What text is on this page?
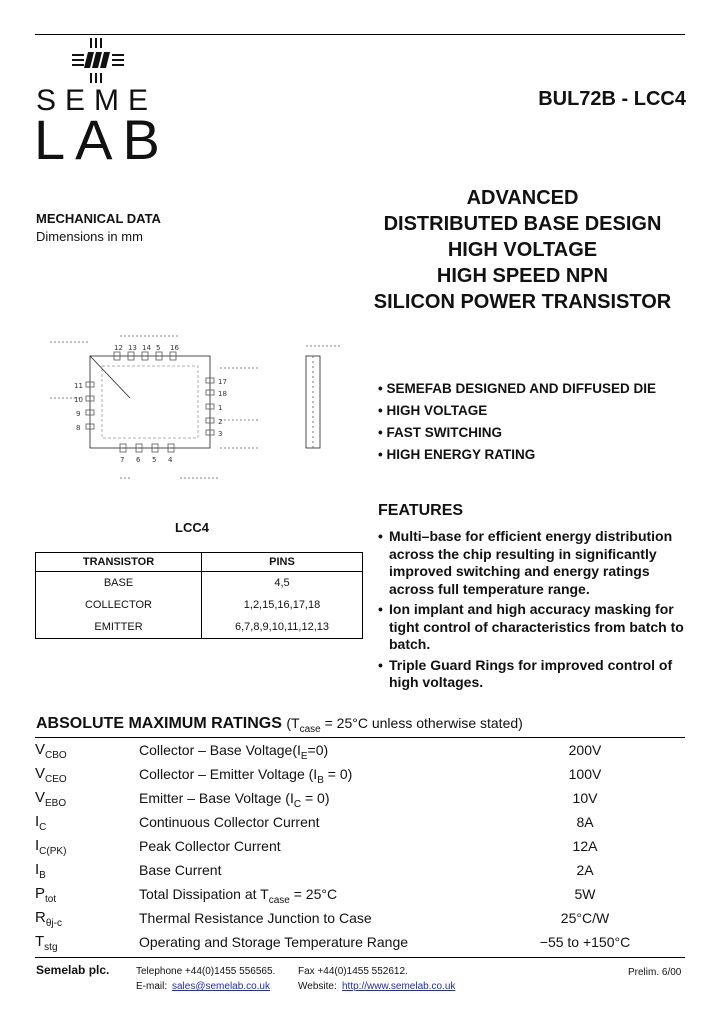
SEME
LAB
BUL72B - LCC4
ADVANCED
DISTRIBUTED BASE DESIGN
HIGH VOLTAGE
HIGH SPEED NPN
SILICON POWER TRANSISTOR
MECHANICAL DATA
Dimensions in mm
12 13 14 5 16
11
10
9
8
17
18
1
2
3
7 6 5 4
LCC4
TRANSISTOR	PINS
BASE	4,5
COLLECTOR	1,2,15,16,17,18
EMITTER	6,7,8,9,10,11,12,13
• SEMEFAB DESIGNED AND DIFFUSED DIE
• HIGH VOLTAGE
• FAST SWITCHING
• HIGH ENERGY RATING
FEATURES
• Multi–base for efficient energy distribution across the chip resulting in significantly improved switching and energy ratings across full temperature range.
• Ion implant and high accuracy masking for tight control of characteristics from batch to batch.
• Triple Guard Rings for improved control of high voltages.
ABSOLUTE MAXIMUM RATINGS ($T_{case} = 25^\circ C$ unless otherwise stated)
$V_{CBO}$	Collector – Base $Voltage(I_E=0)$	200V
$V_{CEO}$	Collector – Emitter Voltage $(I_B = 0)$	100V
$V_{EBO}$	Emitter – Base Voltage $(I_C = 0)$	10V
$I_C$	Continuous Collector Current	8A
$I_{C(PK)}$	Peak Collector Current	12A
$I_B$	Base Current	2A
$P_{tot}$	Total Dissipation at $T_{case} = 25^\circ C$	5W
$R_{\theta j-c}$	Thermal Resistance Junction to Case	25°C/W
$T_{stg}$	Operating and Storage Temperature Range	−55 to +150°C
Semelab plc.	Telephone +44(0)1455 556565. Fax +44(0)1455 552612.
E-mail: sales@semelab.co.uk	Website: http://www.semelab.co.uk
Prelim. 6/00
